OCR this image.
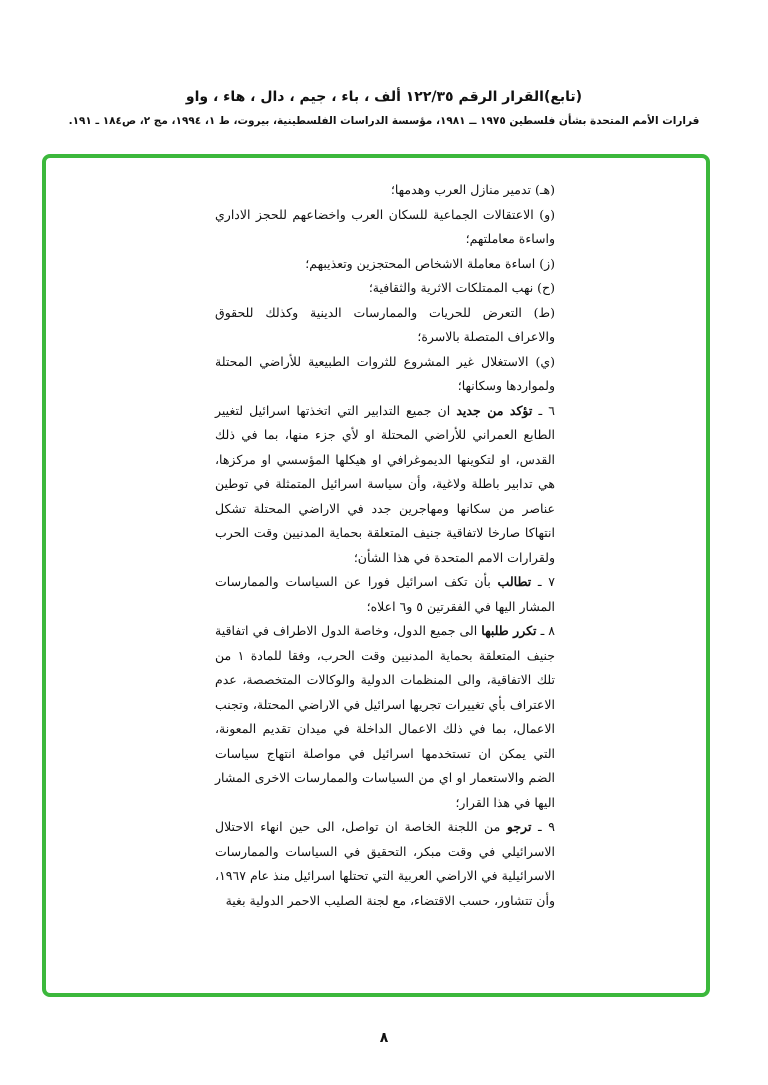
(تابع)القرار الرقم ١٢٢/٣٥ ألف ، باء ، جيم ، دال ، هاء ، واو

قرارات الأمم المتحدة بشأن فلسطين ١٩٧٥ ــ ١٩٨١، مؤسسة الدراسات الفلسطينية، بيروت، ط ١، ١٩٩٤، مج ٢، ص١٨٤ ـ ١٩١.

(هـ) تدمير منازل العرب وهدمها؛

(و) الاعتقالات الجماعية للسكان العرب واخضاعهم للحجز الاداري واساءة معاملتهم؛

(ز) اساءة معاملة الاشخاص المحتجزين وتعذيبهم؛

(ح) نهب الممتلكات الاثرية والثقافية؛

(ط) التعرض للحريات والممارسات الدينية وكذلك للحقوق والاعراف المتصلة بالاسرة؛

(ي) الاستغلال غير المشروع للثروات الطبيعية للأراضي المحتلة ولمواردها وسكانها؛

٦ ـ تؤكد من جديد ان جميع التدابير التي اتخذتها اسرائيل لتغيير الطابع العمراني للأراضي المحتلة او لأي جزء منها، بما في ذلك القدس، او لتكوينها الديموغرافي او هيكلها المؤسسي او مركزها، هي تدابير باطلة ولاغية، وأن سياسة اسرائيل المتمثلة في توطين عناصر من سكانها ومهاجرين جدد في الاراضي المحتلة تشكل انتهاكا صارخا لاتفاقية جنيف المتعلقة بحماية المدنيين وقت الحرب ولقرارات الامم المتحدة في هذا الشأن؛

٧ ـ تطالب بأن تكف اسرائيل فورا عن السياسات والممارسات المشار اليها في الفقرتين ٥ و٦ اعلاه؛

٨ ـ تكرر طلبها الى جميع الدول، وخاصة الدول الاطراف في اتفاقية جنيف المتعلقة بحماية المدنيين وقت الحرب، وفقا للمادة ١ من تلك الاتفاقية، والى المنظمات الدولية والوكالات المتخصصة، عدم الاعتراف بأي تغييرات تجريها اسرائيل في الاراضي المحتلة، وتجنب الاعمال، بما في ذلك الاعمال الداخلة في ميدان تقديم المعونة، التي يمكن ان تستخدمها اسرائيل في مواصلة انتهاج سياسات الضم والاستعمار او اي من السياسات والممارسات الاخرى المشار اليها في هذا القرار؛

٩ ـ ترجو من اللجنة الخاصة ان تواصل، الى حين انهاء الاحتلال الاسرائيلي في وقت مبكر، التحقيق في السياسات والممارسات الاسرائيلية في الاراضي العربية التي تحتلها اسرائيل منذ عام ١٩٦٧، وأن تتشاور، حسب الاقتضاء، مع لجنة الصليب الاحمر الدولية بغية

٨
